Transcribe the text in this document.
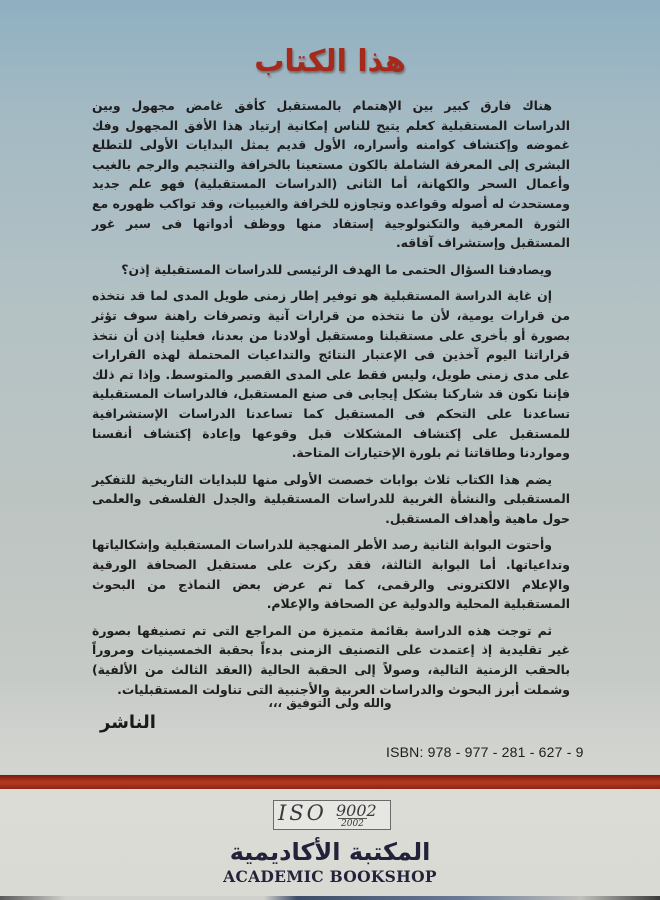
هذا الكتاب

هناك فارق كبير بين الإهتمام بالمستقبل كأفق غامض مجهول وبين الدراسات المستقبلية كعلم يتيح للناس إمكانية إرتياد هذا الأفق المجهول وفك غموضه وإكتشاف كوامنه وأسراره، الأول قديم يمثل البدايات الأولى للتطلع البشرى إلى المعرفة الشاملة بالكون مستعينا بالخرافة والتنجيم والرجم بالغيب وأعمال السحر والكهانة، أما الثانى (الدراسات المستقبلية) فهو علم جديد ومستحدث له أصوله وقواعده وتجاوزه للخرافة والغيبيات، وقد تواكب ظهوره مع الثورة المعرفية والتكنولوجية إستفاد منها ووظف أدواتها فى سبر غور المستقبل وإستشراف آفاقه.

ويصادفنا السؤال الحتمى ما الهدف الرئيسى للدراسات المستقبلية إذن؟

إن غاية الدراسة المستقبلية هو توفير إطار زمنى طويل المدى لما قد نتخذه من قرارات يومية، لأن ما نتخذه من قرارات آنية وتصرفات راهنة سوف تؤثر بصورة أو بأخرى على مستقبلنا ومستقبل أولادنا من بعدنا، فعلينا إذن أن نتخذ قراراتنا اليوم آخذين فى الإعتبار النتائج والتداعيات المحتملة لهذه القرارات على مدى زمنى طويل، وليس فقط على المدى القصير والمتوسط. وإذا تم ذلك فإننا نكون قد شاركنا بشكل إيجابى فى صنع المستقبل، فالدراسات المستقبلية تساعدنا على التحكم فى المستقبل كما تساعدنا الدراسات الإستشرافية للمستقبل على إكتشاف المشكلات قبل وقوعها وإعادة إكتشاف أنفسنا ومواردنا وطاقاتنا ثم بلورة الإختيارات المتاحة.

يضم هذا الكتاب ثلاث بوابات خصصت الأولى منها للبدايات التاريخية للتفكير المستقبلى والنشأة الغربية للدراسات المستقبلية والجدل الفلسفى والعلمى حول ماهية وأهداف المستقبل.

وأحتوت البوابة الثانية رصد الأطر المنهجية للدراسات المستقبلية وإشكالياتها وتداعياتها. أما البوابة الثالثة، فقد ركزت على مستقبل الصحافة الورقية والإعلام الالكترونى والرقمى، كما تم عرض بعض النماذج من البحوث المستقبلية المحلية والدولية عن الصحافة والإعلام.

ثم توجت هذه الدراسة بقائمة متميزة من المراجع التى تم تصنيفها بصورة غير تقليدية إذ إعتمدت على التصنيف الزمنى بدءاً بحقبة الخمسينيات ومروراً بالحقب الزمنية التالية، وصولاً إلى الحقبة الحالية (العقد الثالث من الألفية) وشملت أبرز البحوث والدراسات العربية والأجنبية التى تناولت المستقبليات.

والله ولى التوفيق ،،،
الناشر
ISBN: 978 - 977 - 281 - 627 - 9
ISO 9002
2002
المكتبة الأكاديمية
ACADEMIC BOOKSHOP
